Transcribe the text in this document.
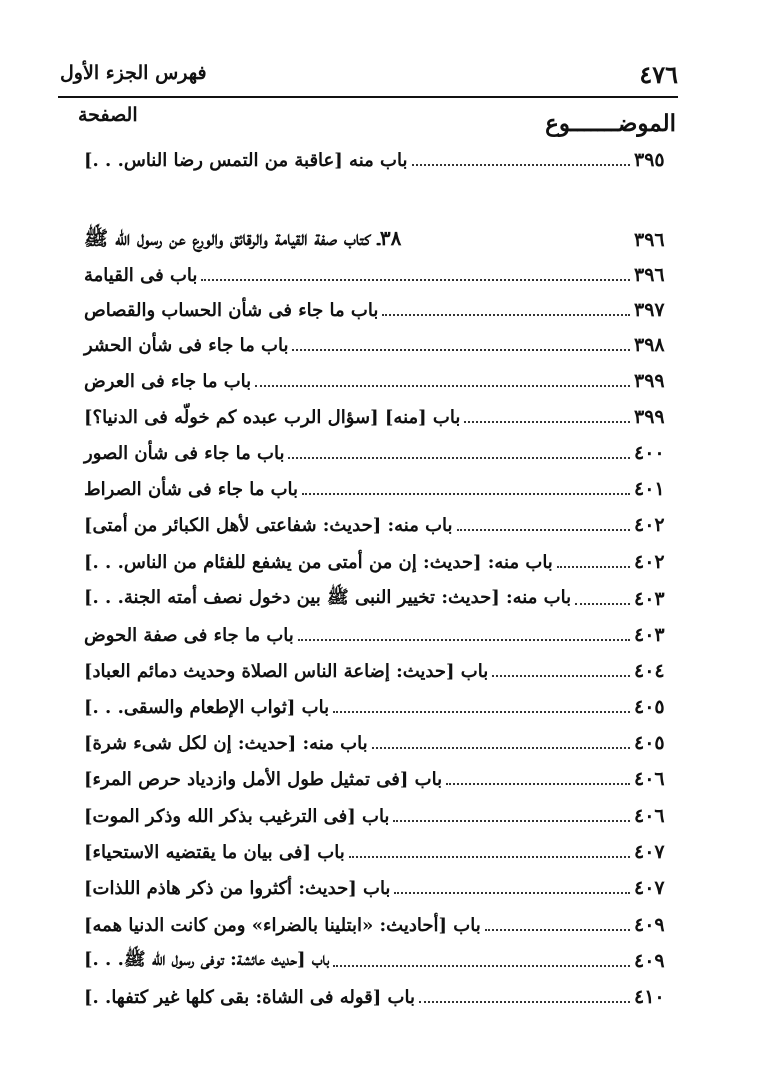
فهرس الجزء الأول	٤٧٦
الصفحة	الموضـــــــوع
باب منه [عاقبة من التمس رضا الناس. . .]	٣٩٥
٣٨ـ كتاب صفة القيامة والرقائق والورع عن رسول الله ﷺ	٣٩٦
باب فى القيامة	٣٩٦
باب ما جاء فى شأن الحساب والقصاص	٣٩٧
باب ما جاء فى شأن الحشر	٣٩٨
باب ما جاء فى العرض	٣٩٩
باب [منه] [سؤال الرب عبده كم خولّه فى الدنيا؟]	٣٩٩
باب ما جاء فى شأن الصور	٤٠٠
باب ما جاء فى شأن الصراط	٤٠١
باب منه: [حديث: شفاعتى لأهل الكبائر من أمتى]	٤٠٢
باب منه: [حديث: إن من أمتى من يشفع للفئام من الناس. . .]	٤٠٢
باب منه: [حديث: تخيير النبى ﷺ بين دخول نصف أمته الجنة. . .]	٤٠٣
باب ما جاء فى صفة الحوض	٤٠٣
باب [حديث: إضاعة الناس الصلاة وحديث دمائم العباد]	٤٠٤
باب [ثواب الإطعام والسقى. . .]	٤٠٥
باب منه: [حديث: إن لكل شىء شرة]	٤٠٥
باب [فى تمثيل طول الأمل وازدياد حرص المرء]	٤٠٦
باب [فى الترغيب بذكر الله وذكر الموت]	٤٠٦
باب [فى بيان ما يقتضيه الاستحياء]	٤٠٧
باب [حديث: أكثروا من ذكر هاذم اللذات]	٤٠٧
باب [أحاديث: «ابتلينا بالضراء» ومن كانت الدنيا همه]	٤٠٩
باب [حديث عائشة: توفى رسول الله ﷺ. . .]	٤٠٩
باب [قوله فى الشاة: بقى كلها غير كتفها. .]	٤١٠
